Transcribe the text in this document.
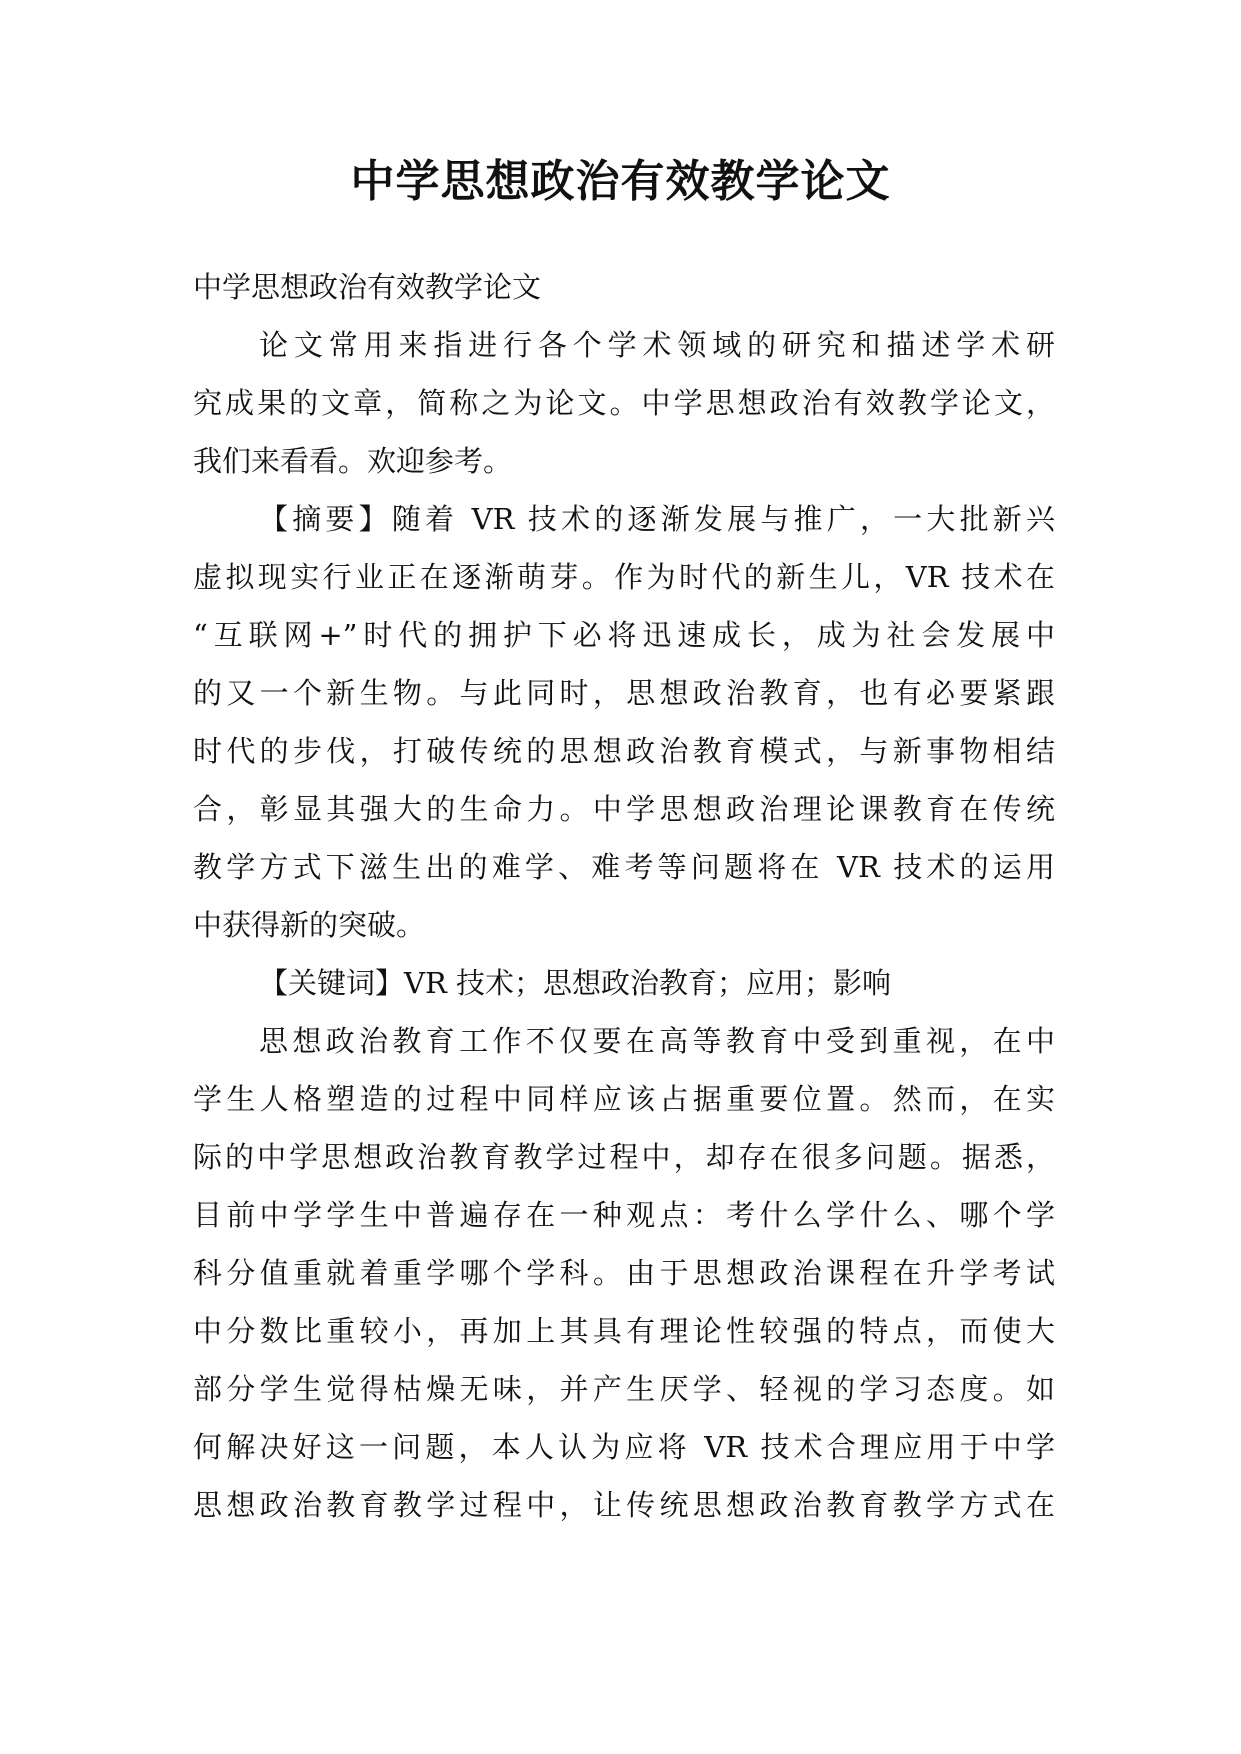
中学思想政治有效教学论文
中学思想政治有效教学论文
论文常用来指进行各个学术领域的研究和描述学术研
究成果的文章，简称之为论文。中学思想政治有效教学论文，
我们来看看。欢迎参考。
【摘要】随着 VR 技术的逐渐发展与推广，一大批新兴
虚拟现实行业正在逐渐萌芽。作为时代的新生儿，VR 技术在
“互联网+”时代的拥护下必将迅速成长，成为社会发展中
的又一个新生物。与此同时，思想政治教育，也有必要紧跟
时代的步伐，打破传统的思想政治教育模式，与新事物相结
合，彰显其强大的生命力。中学思想政治理论课教育在传统
教学方式下滋生出的难学、难考等问题将在 VR 技术的运用
中获得新的突破。
【关键词】VR 技术；思想政治教育；应用；影响
思想政治教育工作不仅要在高等教育中受到重视，在中
学生人格塑造的过程中同样应该占据重要位置。然而，在实
际的中学思想政治教育教学过程中，却存在很多问题。据悉，
目前中学学生中普遍存在一种观点：考什么学什么、哪个学
科分值重就着重学哪个学科。由于思想政治课程在升学考试
中分数比重较小，再加上其具有理论性较强的特点，而使大
部分学生觉得枯燥无味，并产生厌学、轻视的学习态度。如
何解决好这一问题，本人认为应将 VR 技术合理应用于中学
思想政治教育教学过程中，让传统思想政治教育教学方式在
